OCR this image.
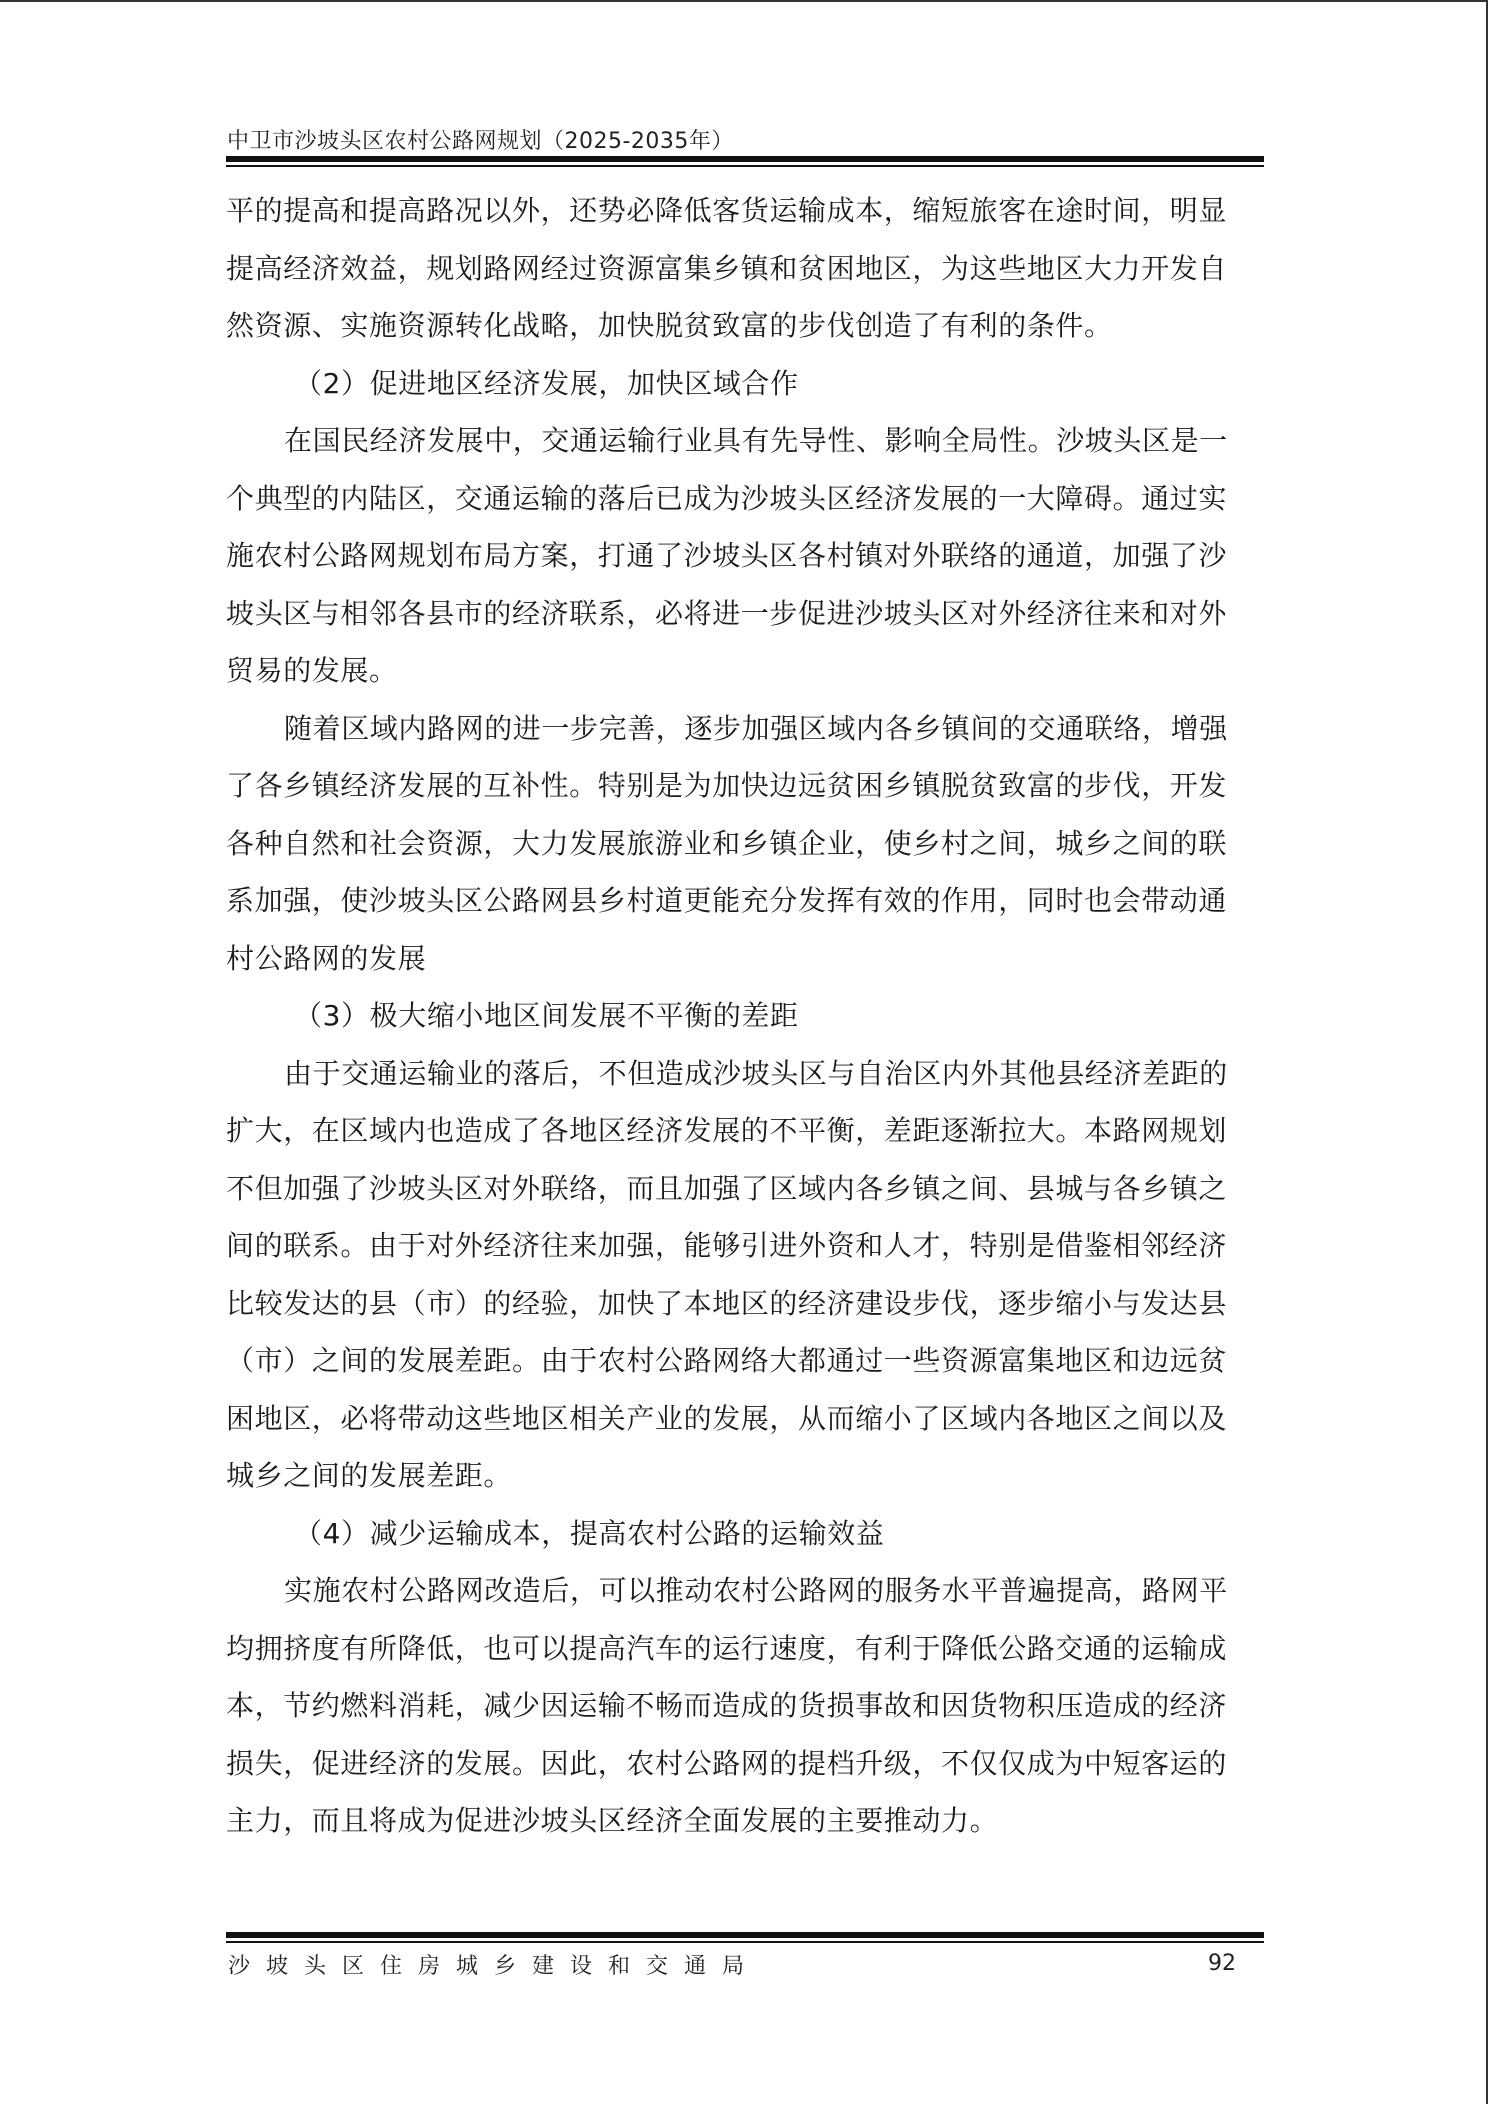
中卫市沙坡头区农村公路网规划（2025-2035年）
平的提高和提高路况以外，还势必降低客货运输成本，缩短旅客在途时间，明显
提高经济效益，规划路网经过资源富集乡镇和贫困地区，为这些地区大力开发自
然资源、实施资源转化战略，加快脱贫致富的步伐创造了有利的条件。
（2）促进地区经济发展，加快区域合作
在国民经济发展中，交通运输行业具有先导性、影响全局性。沙坡头区是一
个典型的内陆区，交通运输的落后已成为沙坡头区经济发展的一大障碍。通过实
施农村公路网规划布局方案，打通了沙坡头区各村镇对外联络的通道，加强了沙
坡头区与相邻各县市的经济联系，必将进一步促进沙坡头区对外经济往来和对外
贸易的发展。
随着区域内路网的进一步完善，逐步加强区域内各乡镇间的交通联络，增强
了各乡镇经济发展的互补性。特别是为加快边远贫困乡镇脱贫致富的步伐，开发
各种自然和社会资源，大力发展旅游业和乡镇企业，使乡村之间，城乡之间的联
系加强，使沙坡头区公路网县乡村道更能充分发挥有效的作用，同时也会带动通
村公路网的发展
（3）极大缩小地区间发展不平衡的差距
由于交通运输业的落后，不但造成沙坡头区与自治区内外其他县经济差距的
扩大，在区域内也造成了各地区经济发展的不平衡，差距逐渐拉大。本路网规划
不但加强了沙坡头区对外联络，而且加强了区域内各乡镇之间、县城与各乡镇之
间的联系。由于对外经济往来加强，能够引进外资和人才，特别是借鉴相邻经济
比较发达的县（市）的经验，加快了本地区的经济建设步伐，逐步缩小与发达县
（市）之间的发展差距。由于农村公路网络大都通过一些资源富集地区和边远贫
困地区，必将带动这些地区相关产业的发展，从而缩小了区域内各地区之间以及
城乡之间的发展差距。
（4）减少运输成本，提高农村公路的运输效益
实施农村公路网改造后，可以推动农村公路网的服务水平普遍提高，路网平
均拥挤度有所降低，也可以提高汽车的运行速度，有利于降低公路交通的运输成
本，节约燃料消耗，减少因运输不畅而造成的货损事故和因货物积压造成的经济
损失，促进经济的发展。因此，农村公路网的提档升级，不仅仅成为中短客运的
主力，而且将成为促进沙坡头区经济全面发展的主要推动力。
沙坡头区住房城乡建设和交通局	92
